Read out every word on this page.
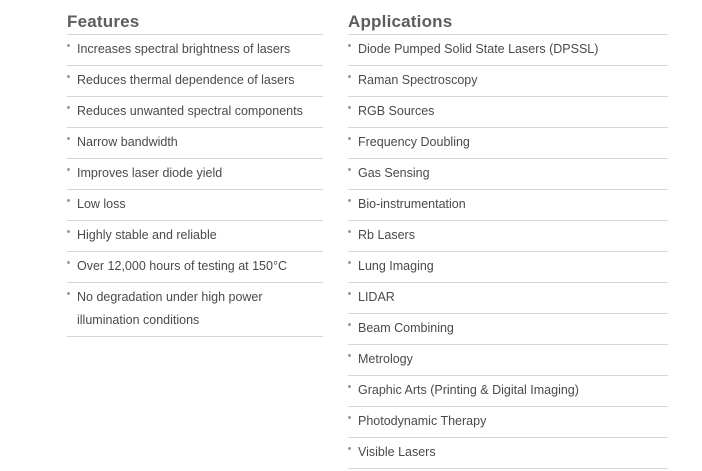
Features
Increases spectral brightness of lasers
Reduces thermal dependence of lasers
Reduces unwanted spectral components
Narrow bandwidth
Improves laser diode yield
Low loss
Highly stable and reliable
Over 12,000 hours of testing at 150°C
No degradation under high power illumination conditions
Applications
Diode Pumped Solid State Lasers (DPSSL)
Raman Spectroscopy
RGB Sources
Frequency Doubling
Gas Sensing
Bio-instrumentation
Rb Lasers
Lung Imaging
LIDAR
Beam Combining
Metrology
Graphic Arts (Printing & Digital Imaging)
Photodynamic Therapy
Visible Lasers
